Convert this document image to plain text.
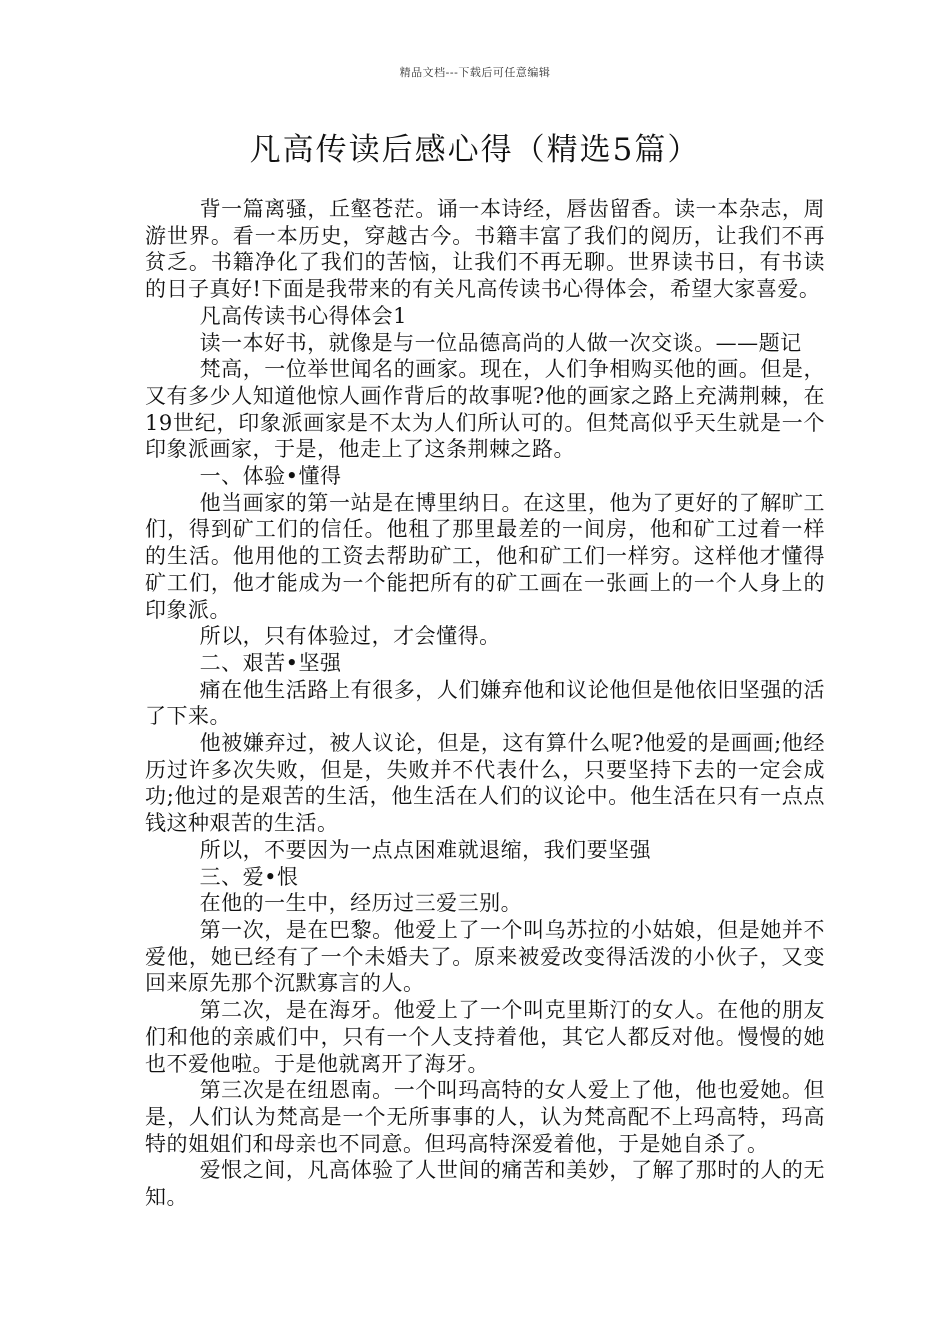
精品文档---下载后可任意编辑
凡高传读后感心得（精选5篇）

背一篇离骚，丘壑苍茫。诵一本诗经，唇齿留香。读一本杂志，周游世界。看一本历史，穿越古今。书籍丰富了我们的阅历，让我们不再贫乏。书籍净化了我们的苦恼，让我们不再无聊。世界读书日，有书读的日子真好!下面是我带来的有关凡高传读书心得体会，希望大家喜爱。

凡高传读书心得体会1

读一本好书，就像是与一位品德高尚的人做一次交谈。——题记

梵高，一位举世闻名的画家。现在，人们争相购买他的画。但是，又有多少人知道他惊人画作背后的故事呢?他的画家之路上充满荆棘，在19世纪，印象派画家是不太为人们所认可的。但梵高似乎天生就是一个印象派画家，于是，他走上了这条荆棘之路。

一、体验•懂得

他当画家的第一站是在博里纳日。在这里，他为了更好的了解旷工们，得到矿工们的信任。他租了那里最差的一间房，他和矿工过着一样的生活。他用他的工资去帮助矿工，他和矿工们一样穷。这样他才懂得矿工们，他才能成为一个能把所有的矿工画在一张画上的一个人身上的印象派。

所以，只有体验过，才会懂得。

二、艰苦•坚强

痛在他生活路上有很多，人们嫌弃他和议论他但是他依旧坚强的活了下来。

他被嫌弃过，被人议论，但是，这有算什么呢?他爱的是画画;他经历过许多次失败，但是，失败并不代表什么，只要坚持下去的一定会成功;他过的是艰苦的生活，他生活在人们的议论中。他生活在只有一点点钱这种艰苦的生活。

所以，不要因为一点点困难就退缩，我们要坚强

三、爱•恨

在他的一生中，经历过三爱三别。

第一次，是在巴黎。他爱上了一个叫乌苏拉的小姑娘，但是她并不爱他，她已经有了一个未婚夫了。原来被爱改变得活泼的小伙子，又变回来原先那个沉默寡言的人。

第二次，是在海牙。他爱上了一个叫克里斯汀的女人。在他的朋友们和他的亲戚们中，只有一个人支持着他，其它人都反对他。慢慢的她也不爱他啦。于是他就离开了海牙。

第三次是在纽恩南。一个叫玛高特的女人爱上了他，他也爱她。但是，人们认为梵高是一个无所事事的人，认为梵高配不上玛高特，玛高特的姐姐们和母亲也不同意。但玛高特深爱着他，于是她自杀了。

爱恨之间，凡高体验了人世间的痛苦和美妙，了解了那时的人的无知。
